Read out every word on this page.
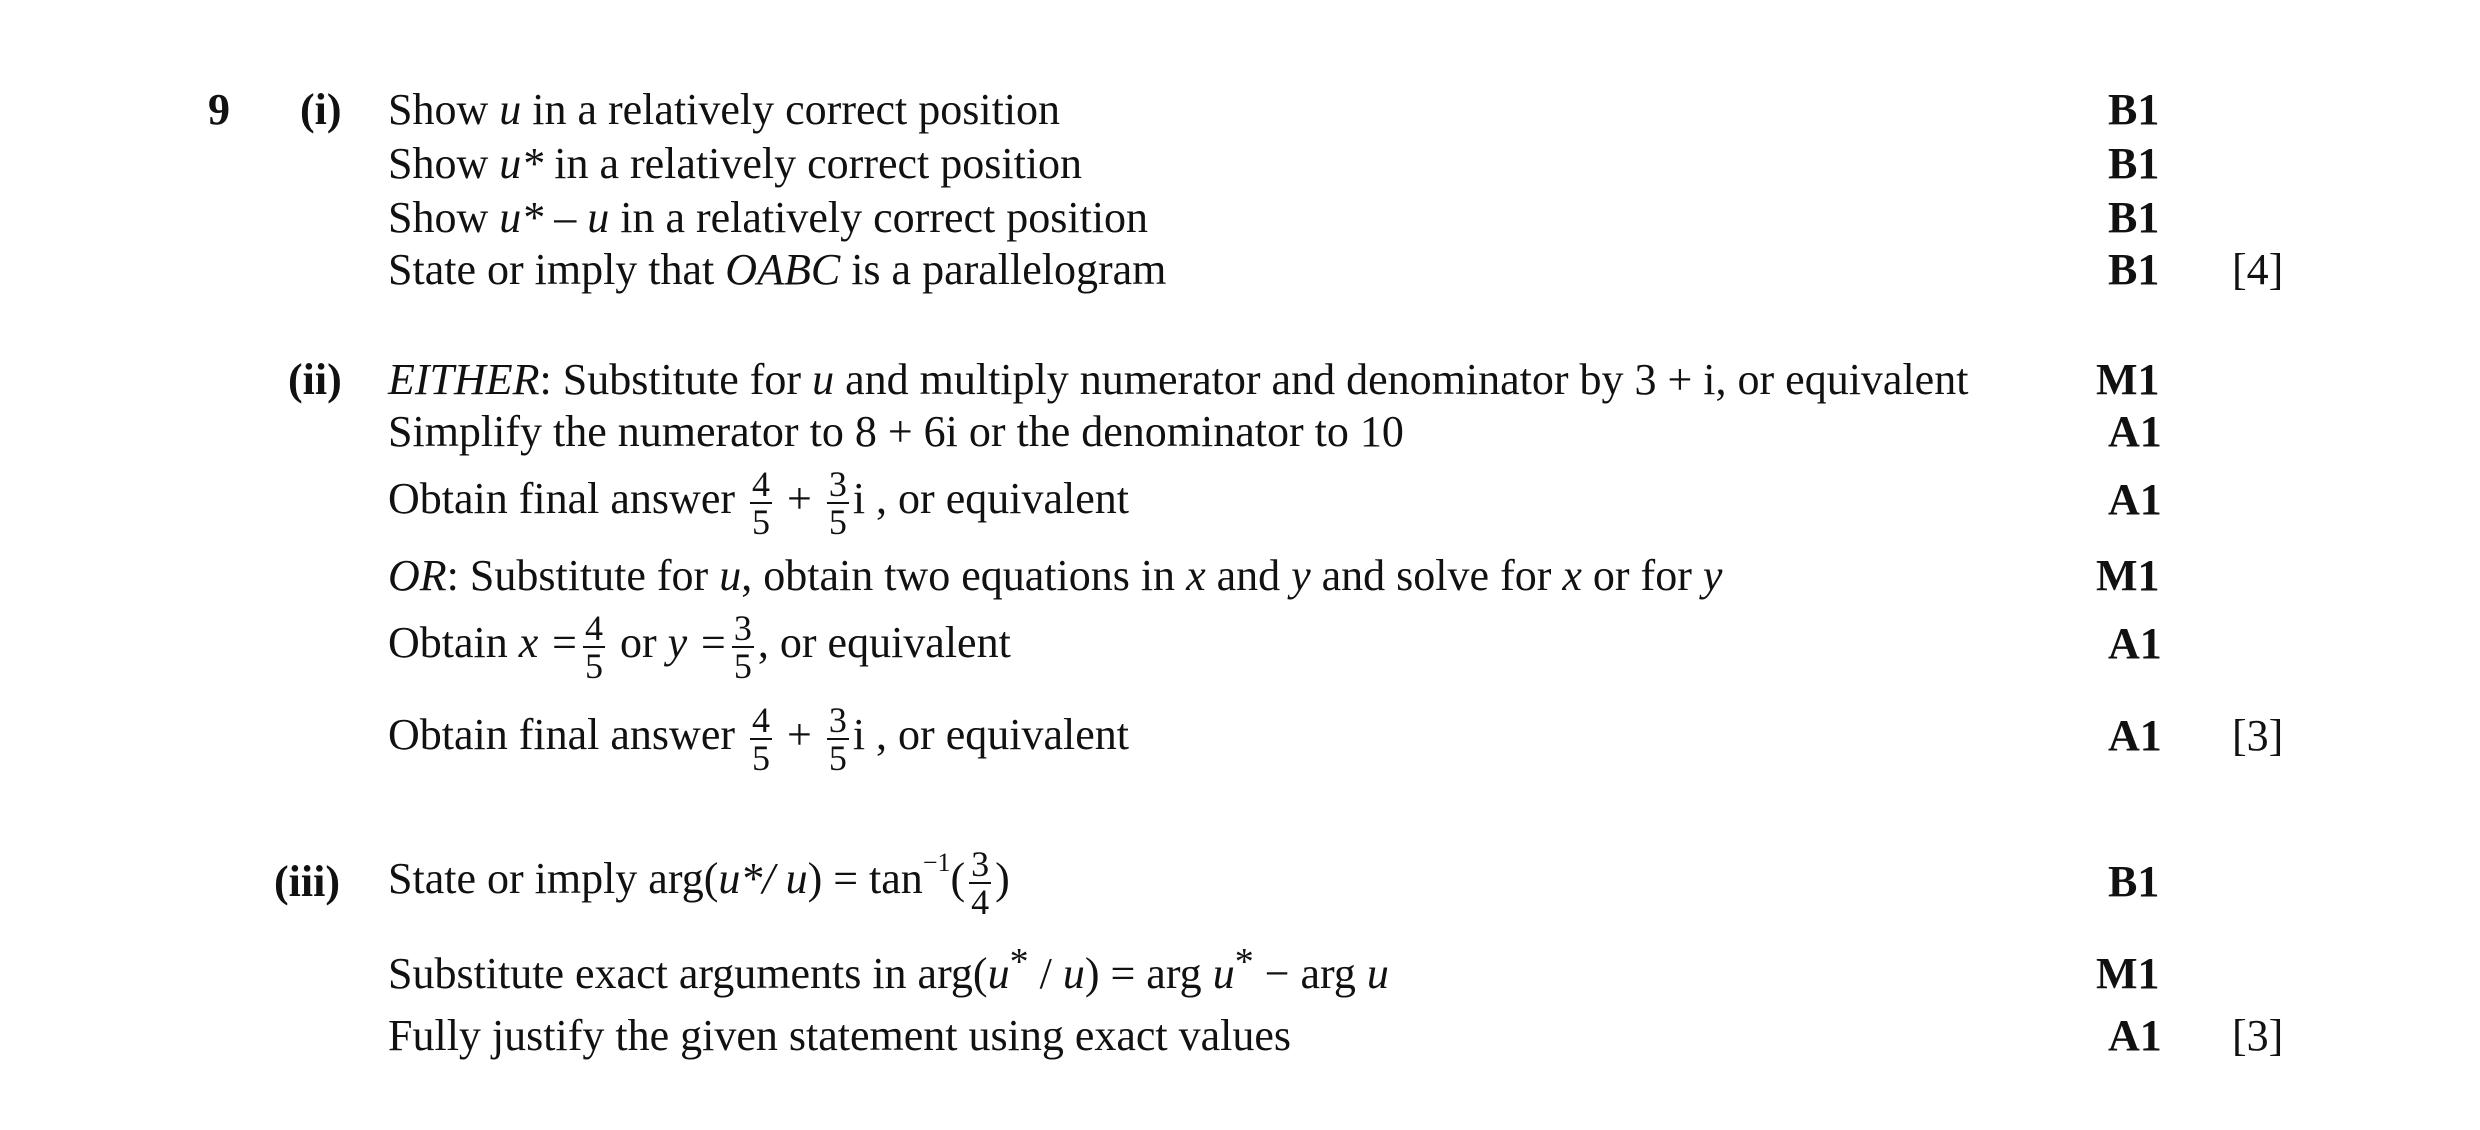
9 (i) Show u in a relatively correct position	B1
Show u* in a relatively correct position	B1
Show u* – u in a relatively correct position	B1
State or imply that OABC is a parallelogram	B1 [4]
(ii) EITHER: Substitute for u and multiply numerator and denominator by 3 + i, or equivalent	M1
Simplify the numerator to 8 + 6i or the denominator to 10	A1
Obtain final answer $\frac{4}{5} + \frac{3}{5}$ i , or equivalent	A1
OR: Substitute for u, obtain two equations in x and y and solve for x or for y	M1
Obtain $x = \frac{4}{5}$ or $y = \frac{3}{5}$ , or equivalent	A1
Obtain final answer $\frac{4}{5} + \frac{3}{5}$ i , or equivalent	A1 [3]
(iii) State or imply arg(u*/ $u) = \tan^{-1}( \frac{3}{4}$ )	B1
Substitute exact arguments in arg(u* / u) = arg u* − arg u	M1
Fully justify the given statement using exact values	A1 [3]
